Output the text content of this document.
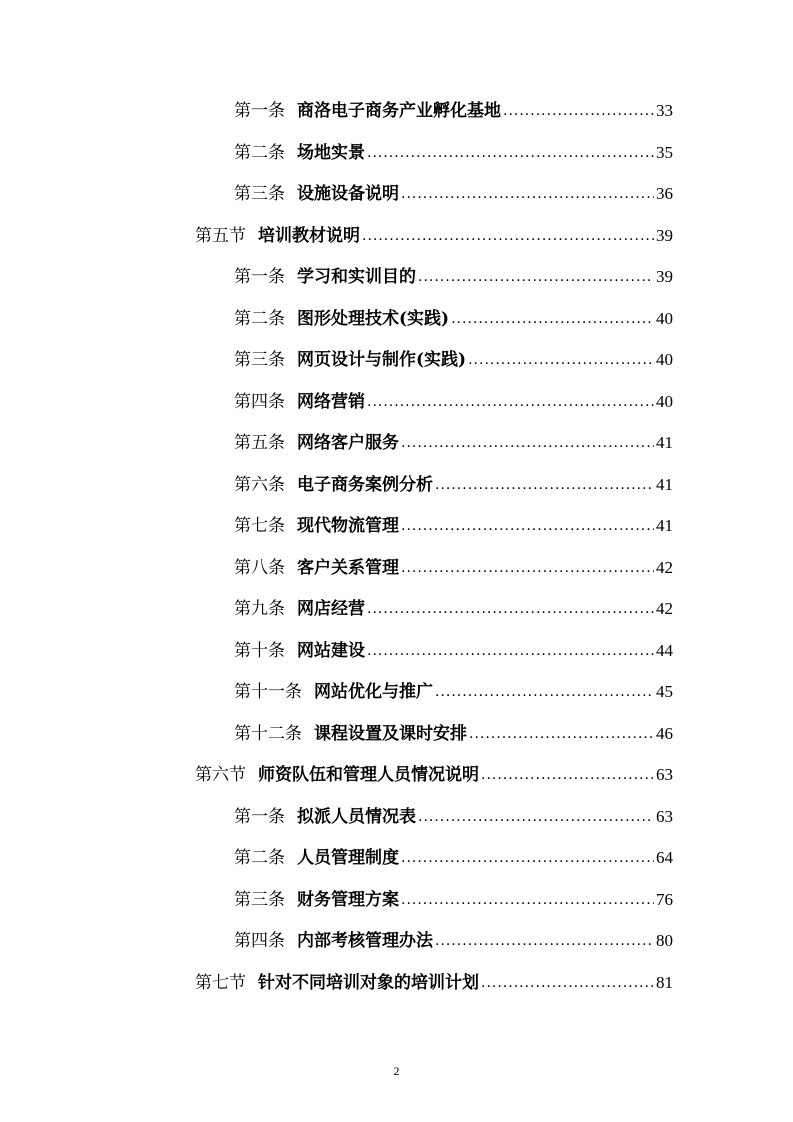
第一条 商洛电子商务产业孵化基地 .....	33
第二条 场地实景 .....	35
第三条 设施设备说明 .....	36
第五节 培训教材说明 .....	39
第一条 学习和实训目的 .....	39
第二条 图形处理技术(实践) .....	40
第三条 网页设计与制作(实践) .....	40
第四条 网络营销 .....	40
第五条 网络客户服务 .....	41
第六条 电子商务案例分析 .....	41
第七条 现代物流管理 .....	41
第八条 客户关系管理 .....	42
第九条 网店经营 .....	42
第十条 网站建设 .....	44
第十一条 网站优化与推广 .....	45
第十二条 课程设置及课时安排 .....	46
第六节 师资队伍和管理人员情况说明 .....	63
第一条 拟派人员情况表 .....	63
第二条 人员管理制度 .....	64
第三条 财务管理方案 .....	76
第四条 内部考核管理办法 .....	80
第七节 针对不同培训对象的培训计划 .....	81
2
